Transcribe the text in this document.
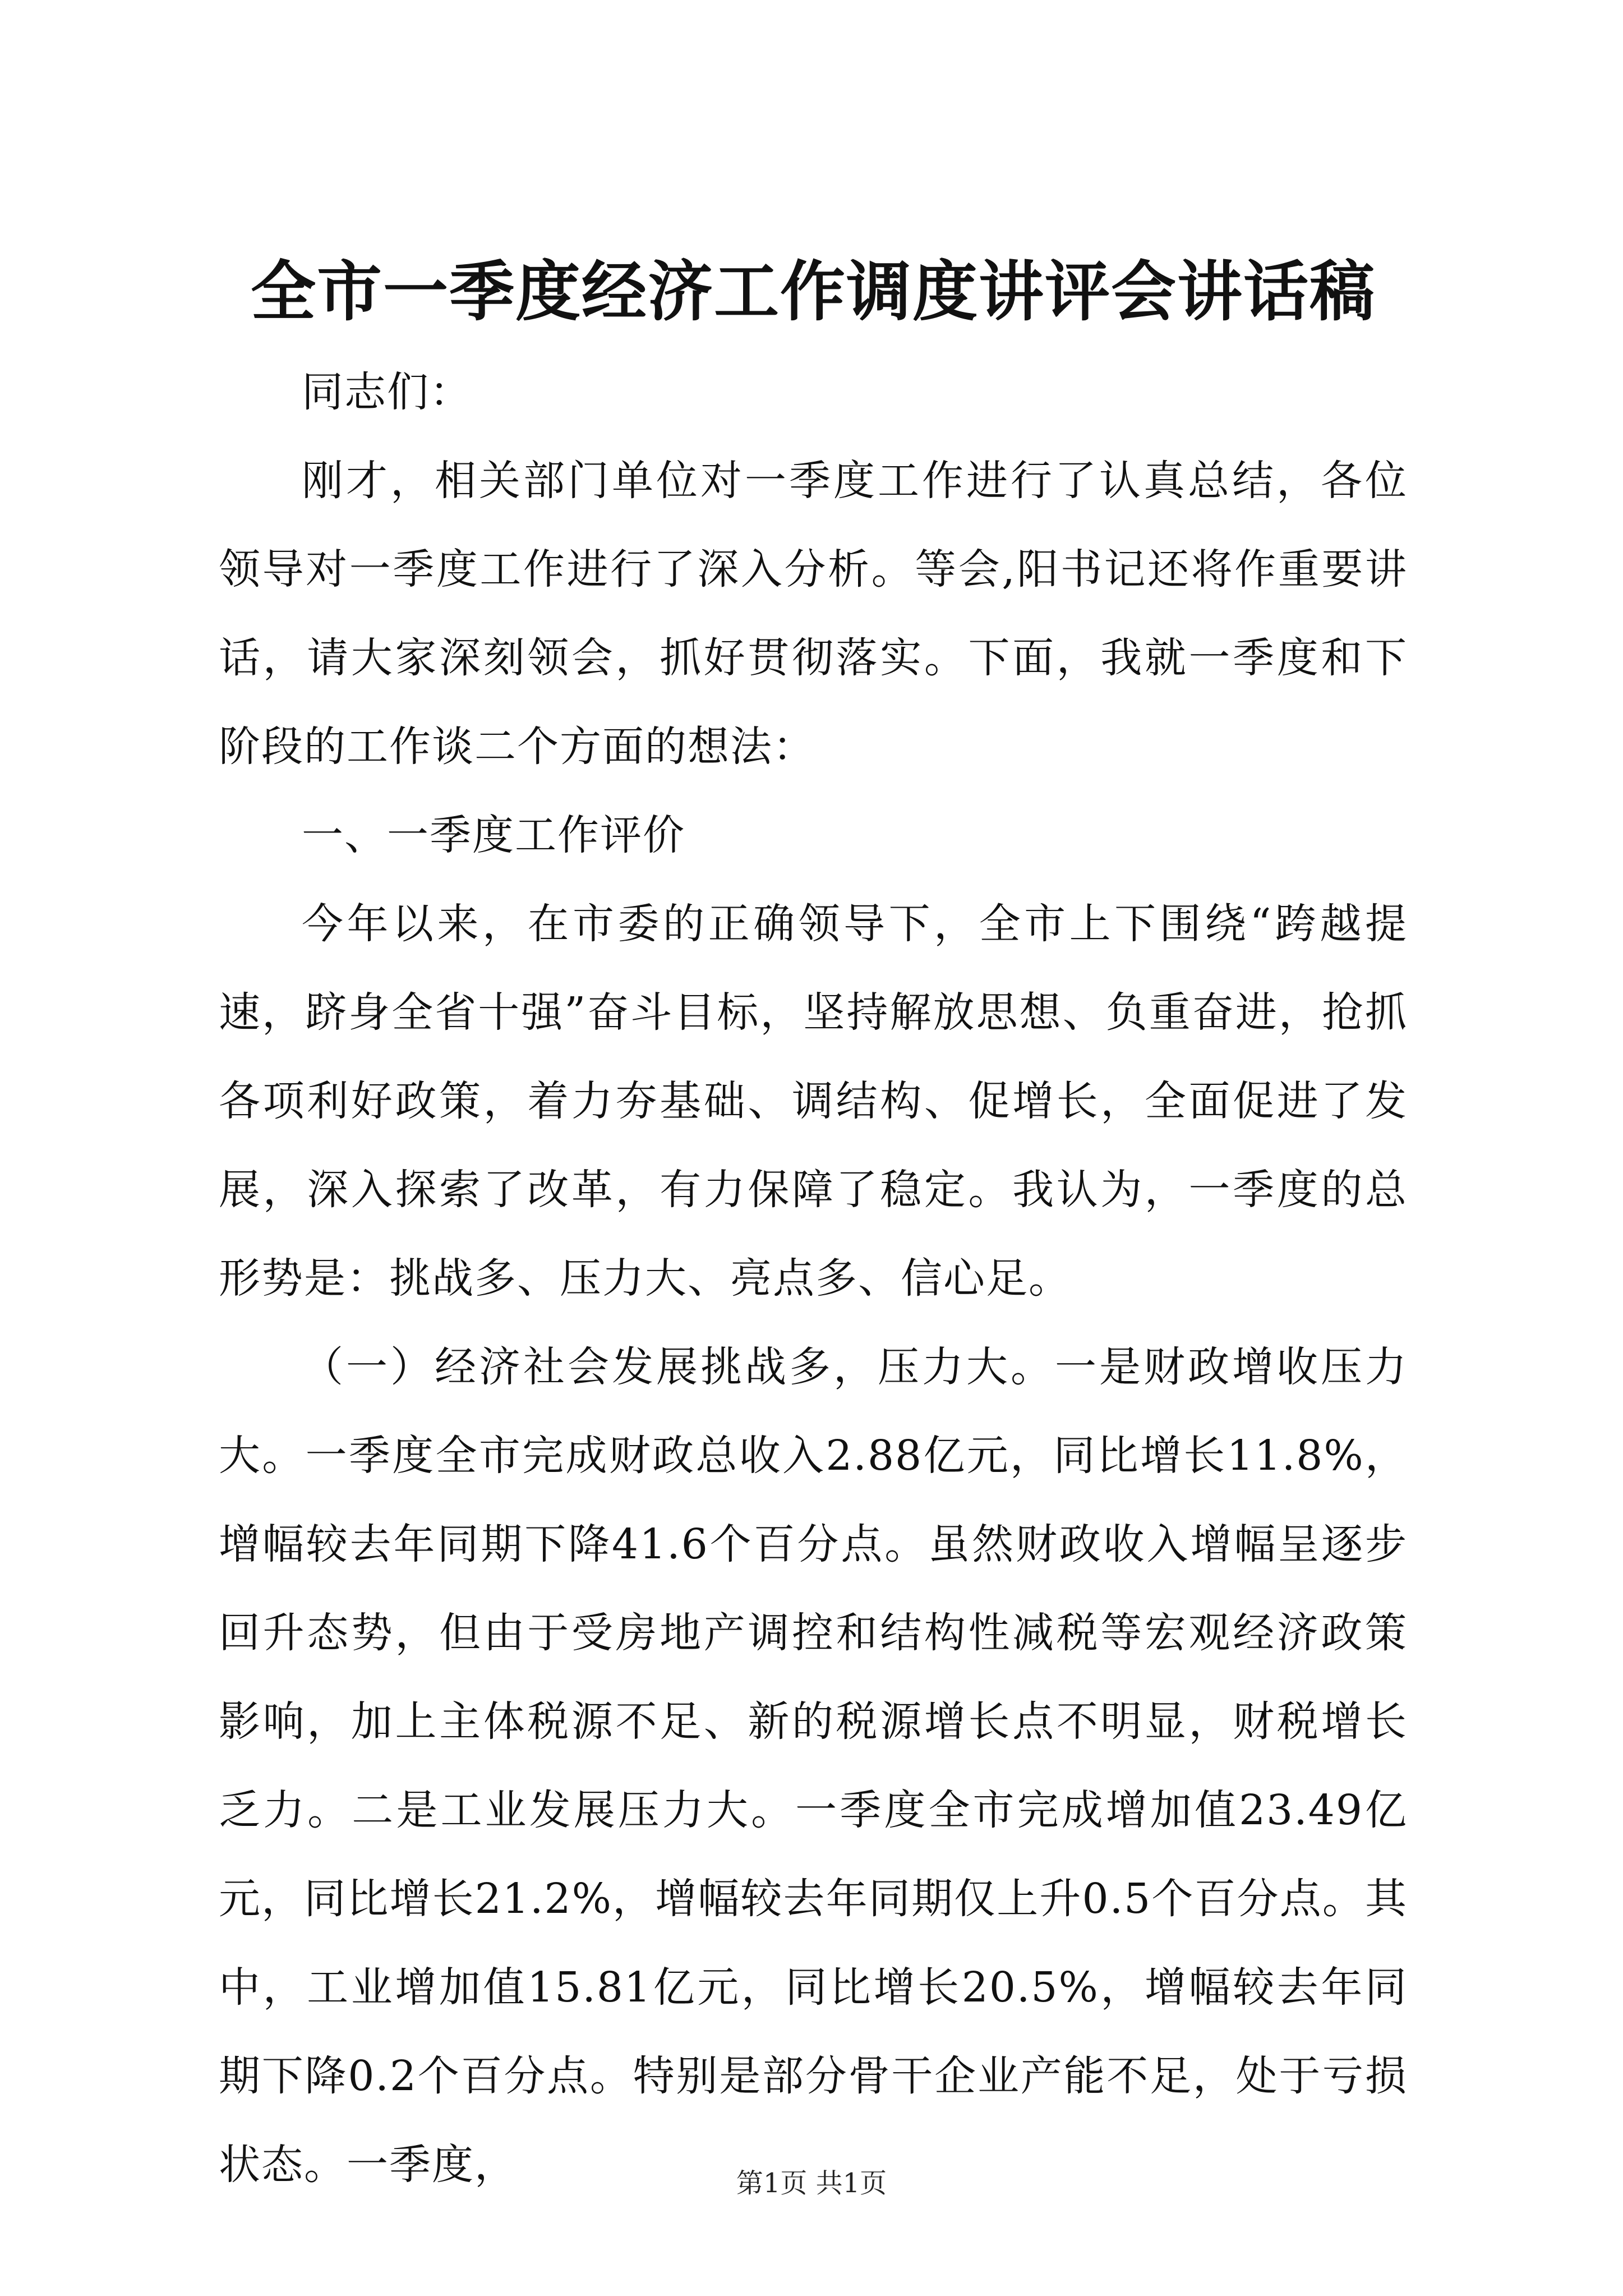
全市一季度经济工作调度讲评会讲话稿

同志们：

刚才，相关部门单位对一季度工作进行了认真总结，各位领导对一季度工作进行了深入分析。等会,阳书记还将作重要讲话，请大家深刻领会，抓好贯彻落实。下面，我就一季度和下阶段的工作谈二个方面的想法：

一、一季度工作评价

今年以来，在市委的正确领导下，全市上下围绕“跨越提速，跻身全省十强”奋斗目标，坚持解放思想、负重奋进，抢抓各项利好政策，着力夯基础、调结构、促增长，全面促进了发展，深入探索了改革，有力保障了稳定。我认为，一季度的总形势是：挑战多、压力大、亮点多、信心足。

（一）经济社会发展挑战多，压力大。一是财政增收压力大。一季度全市完成财政总收入2.88亿元，同比增长11.8%，增幅较去年同期下降41.6个百分点。虽然财政收入增幅呈逐步回升态势，但由于受房地产调控和结构性减税等宏观经济政策影响，加上主体税源不足、新的税源增长点不明显，财税增长乏力。二是工业发展压力大。一季度全市完成增加值23.49亿元，同比增长21.2%，增幅较去年同期仅上升0.5个百分点。其中，工业增加值15.81亿元，同比增长20.5%，增幅较去年同期下降0.2个百分点。特别是部分骨干企业产能不足，处于亏损状态。一季度，	第1页 共1页
